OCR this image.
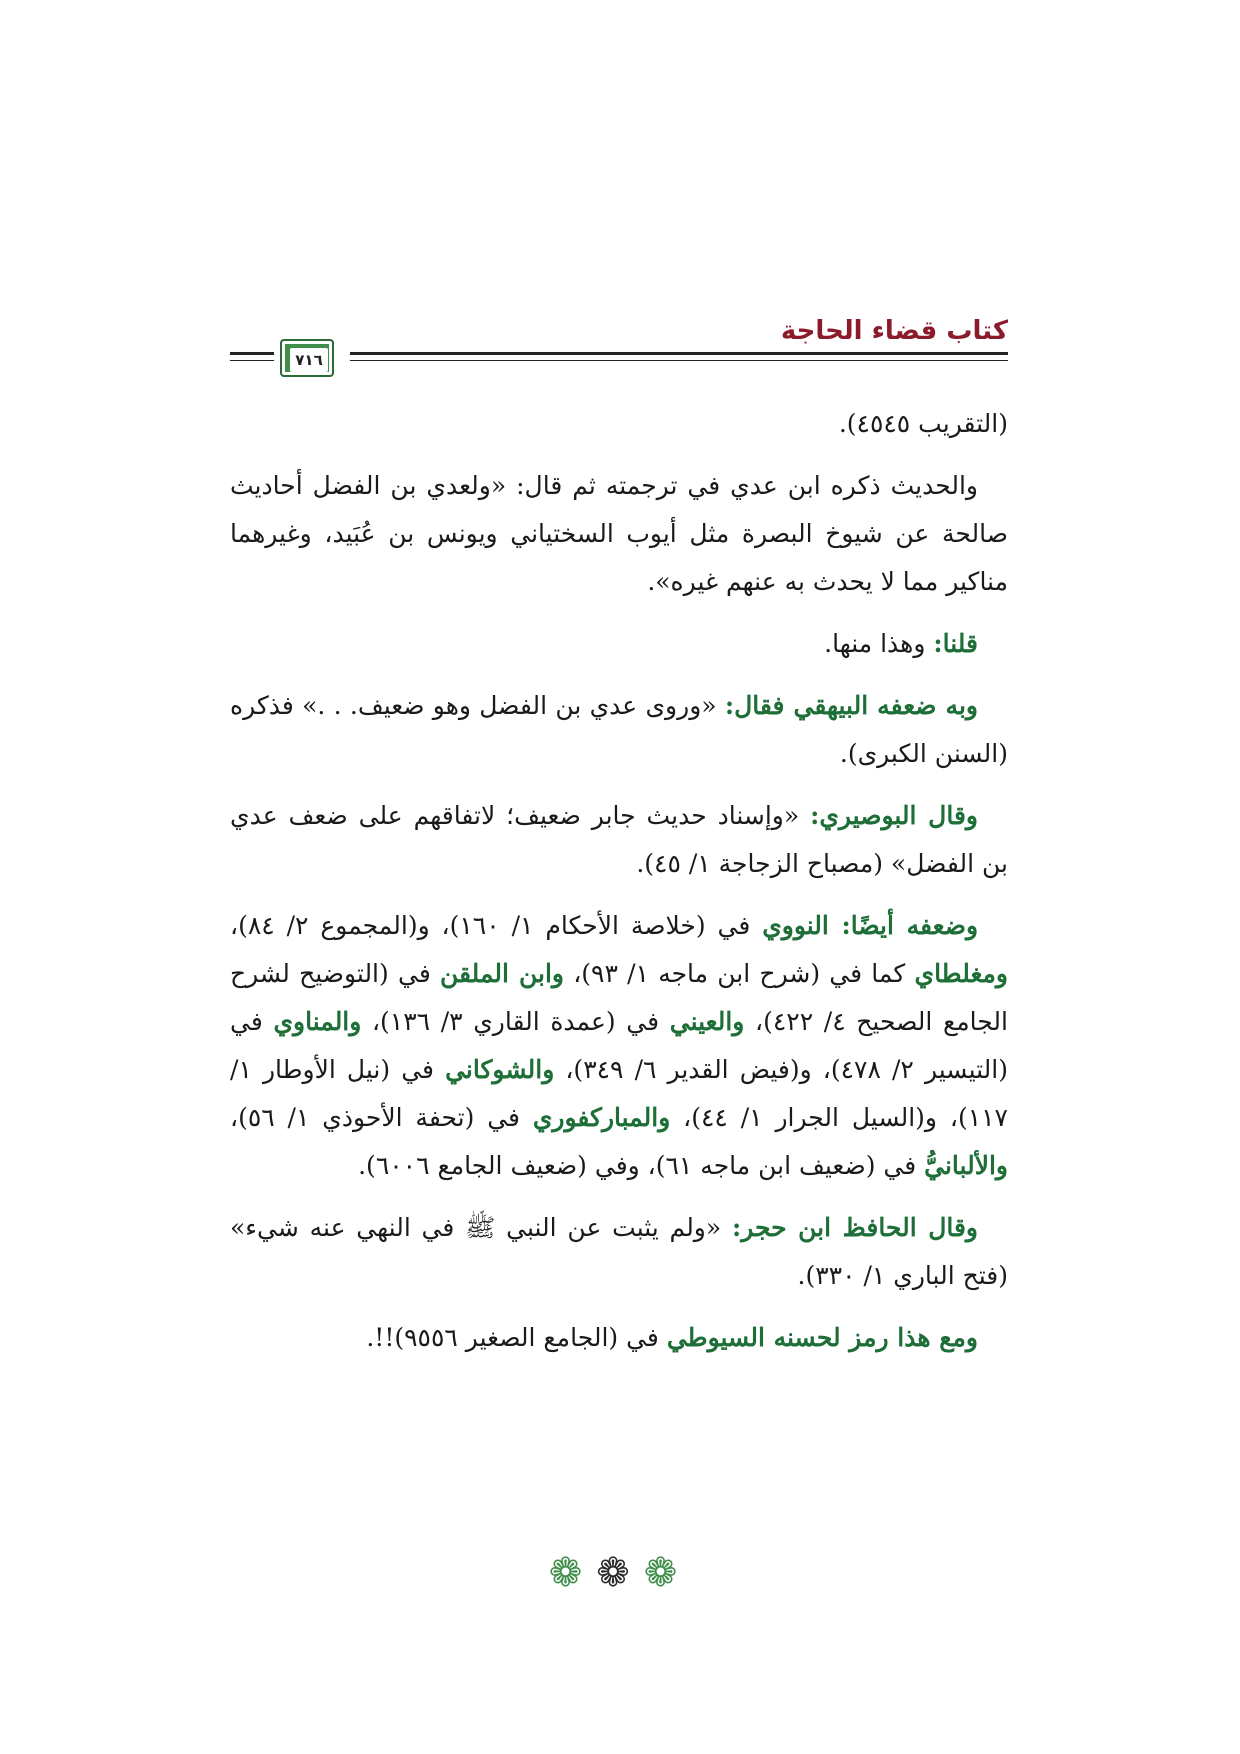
كتاب قضاء الحاجة
٧١٦

(التقريب ٤٥٤٥).

والحديث ذكره ابن عدي في ترجمته ثم قال: «ولعدي بن الفضل أحاديث صالحة عن شيوخ البصرة مثل أيوب السختياني ويونس بن عُبَيد، وغيرهما مناكير مما لا يحدث به عنهم غيره».

قلنا: وهذا منها.

وبه ضعفه البيهقي فقال: «وروى عدي بن الفضل وهو ضعيف. . .» فذكره (السنن الكبرى).

وقال البوصيري: «وإسناد حديث جابر ضعيف؛ لاتفاقهم على ضعف عدي بن الفضل» (مصباح الزجاجة ١/ ٤٥).

وضعفه أيضًا: النووي في (خلاصة الأحكام ١/ ١٦٠)، و(المجموع ٢/ ٨٤)، ومغلطاي كما في (شرح ابن ماجه ١/ ٩٣)، وابن الملقن في (التوضيح لشرح الجامع الصحيح ٤/ ٤٢٢)، والعيني في (عمدة القاري ٣/ ١٣٦)، والمناوي في (التيسير ٢/ ٤٧٨)، و(فيض القدير ٦/ ٣٤٩)، والشوكاني في (نيل الأوطار ١/ ١١٧)، و(السيل الجرار ١/ ٤٤)، والمباركفوري في (تحفة الأحوذي ١/ ٥٦)، والألبانيُّ في (ضعيف ابن ماجه ٦١)، وفي (ضعيف الجامع ٦٠٠٦).

وقال الحافظ ابن حجر: «ولم يثبت عن النبي ﷺ في النهي عنه شيء» (فتح الباري ١/ ٣٣٠).

ومع هذا رمز لحسنه السيوطي في (الجامع الصغير ٩٥٥٦)!!.

❁❁❁
